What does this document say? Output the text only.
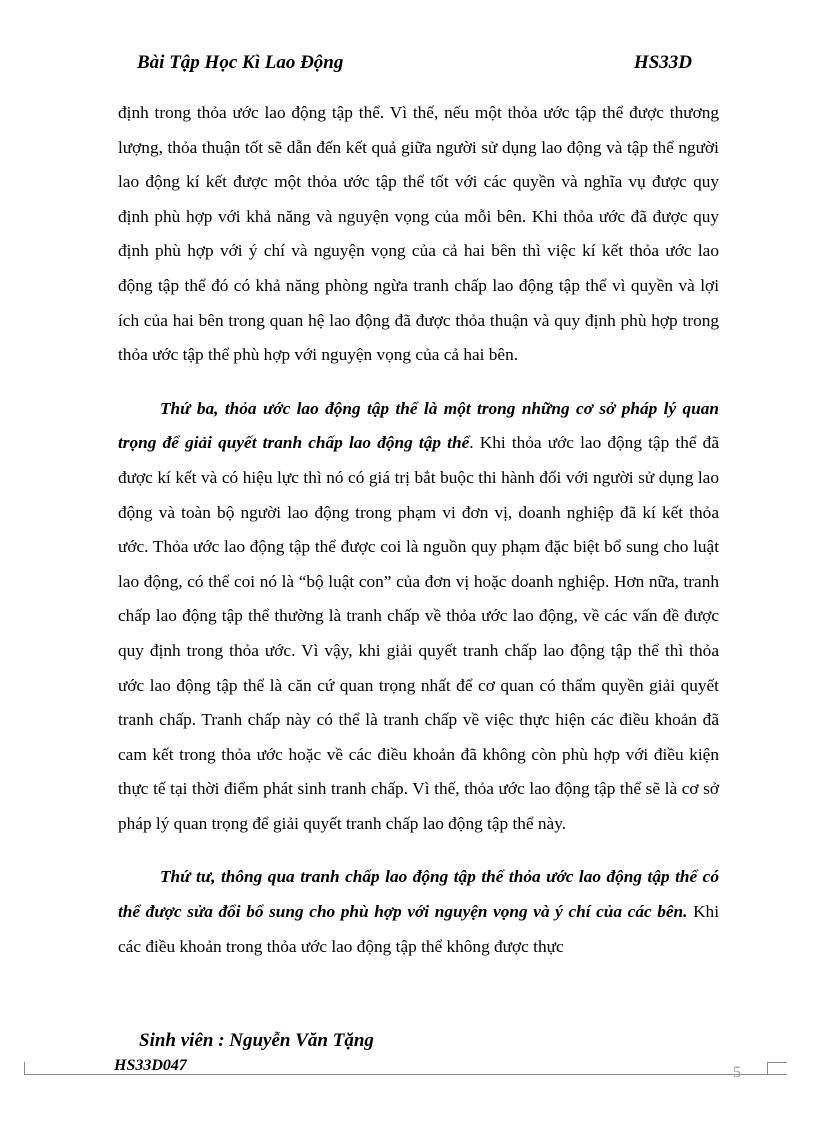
Bài Tập Học Kì Lao Động	HS33D

định trong thỏa ước lao động tập thể. Vì thế, nếu một thỏa ước tập thể được thương lượng, thỏa thuận tốt sẽ dẫn đến kết quả giữa người sử dụng lao động và tập thể người lao động kí kết được một thỏa ước tập thể tốt với các quyền và nghĩa vụ được quy định phù hợp với khả năng và nguyện vọng của mỗi bên. Khi thỏa ước đã được quy định phù hợp với ý chí và nguyện vọng của cả hai bên thì việc kí kết thỏa ước lao động tập thể đó có khả năng phòng ngừa tranh chấp lao động tập thể vì quyền và lợi ích của hai bên trong quan hệ lao động đã được thỏa thuận và quy định phù hợp trong thỏa ước tập thể phù hợp với nguyện vọng của cả hai bên.

Thứ ba, thỏa ước lao động tập thể là một trong những cơ sở pháp lý quan trọng để giải quyết tranh chấp lao động tập thể. Khi thỏa ước lao động tập thể đã được kí kết và có hiệu lực thì nó có giá trị bắt buộc thi hành đối với người sử dụng lao động và toàn bộ người lao động trong phạm vi đơn vị, doanh nghiệp đã kí kết thỏa ước. Thỏa ước lao động tập thể được coi là nguồn quy phạm đặc biệt bổ sung cho luật lao động, có thể coi nó là “bộ luật con” của đơn vị hoặc doanh nghiệp. Hơn nữa, tranh chấp lao động tập thể thường là tranh chấp về thỏa ước lao động, về các vấn đề được quy định trong thỏa ước. Vì vậy, khi giải quyết tranh chấp lao động tập thể thì thỏa ước lao động tập thể là căn cứ quan trọng nhất để cơ quan có thẩm quyền giải quyết tranh chấp. Tranh chấp này có thể là tranh chấp về việc thực hiện các điều khoản đã cam kết trong thỏa ước hoặc về các điều khoản đã không còn phù hợp với điều kiện thực tế tại thời điểm phát sinh tranh chấp. Vì thế, thỏa ước lao động tập thể sẽ là cơ sở pháp lý quan trọng để giải quyết tranh chấp lao động tập thể này.

Thứ tư, thông qua tranh chấp lao động tập thể thỏa ước lao động tập thể có thể được sửa đổi bổ sung cho phù hợp với nguyện vọng và ý chí của các bên. Khi các điều khoản trong thỏa ước lao động tập thể không được thực

Sinh viên : Nguyễn Văn Tặng
HS33D047	5
